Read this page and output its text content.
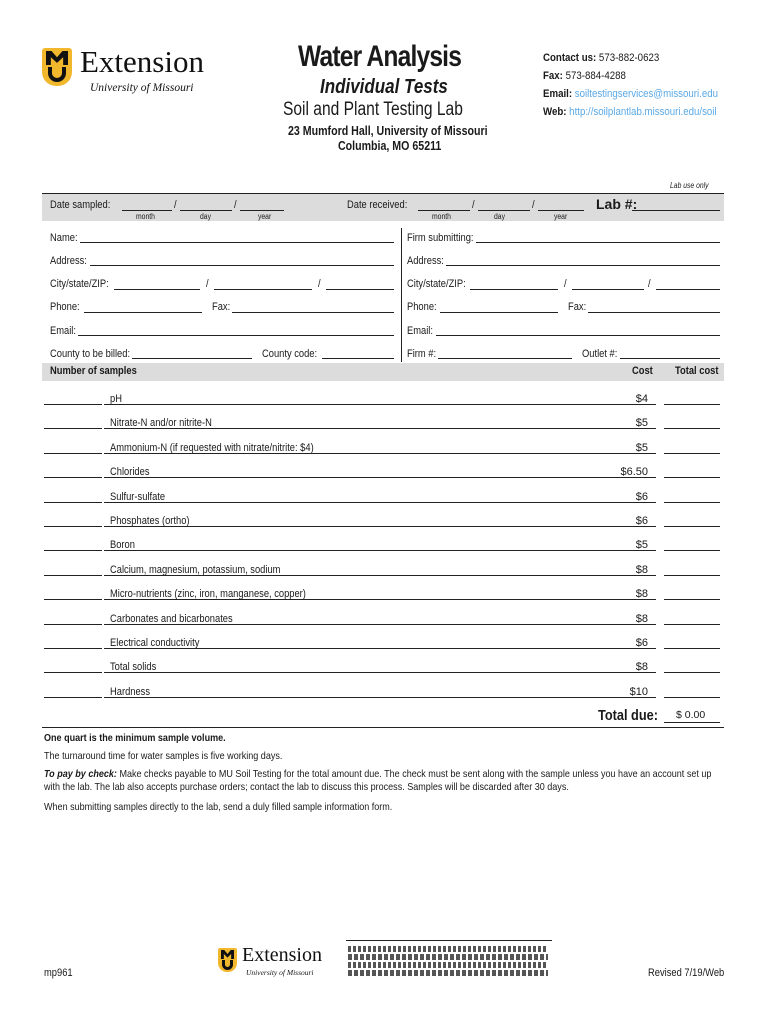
Extension
University of Missouri
Water Analysis
Individual Tests
Soil and Plant Testing Lab
23 Mumford Hall, University of Missouri
Columbia, MO 65211
Contact us: 573-882-0623
Fax: 573-884-4288
Email: soiltestingservices@missouri.edu
Web: http://soilplantlab.missouri.edu/soil
Lab use only
Date sampled:	/	/
month	day	year
Date received:	/	/
month	day	year
Lab #:
Name:
Address:
City/state/ZIP:	/	/
Phone:	Fax:
Email:
County to be billed:	County code:
Firm submitting:
Address:
City/state/ZIP:	/	/
Phone:	Fax:
Email:
Firm #:	Outlet #:
Number of samples	Cost Total cost
pH	$4
Nitrate-N and/or nitrite-N	$5
Ammonium-N (if requested with nitrate/nitrite: $4)	$5
Chlorides	$6.50
Sulfur-sulfate	$6
Phosphates (ortho)	$6
Boron	$5
Calcium, magnesium, potassium, sodium	$8
Micro-nutrients (zinc, iron, manganese, copper)	$8
Carbonates and bicarbonates	$8
Electrical conductivity	$6
Total solids	$8
Hardness	$10
Total due: $ 0.00
One quart is the minimum sample volume.
The turnaround time for water samples is five working days.
To pay by check: Make checks payable to MU Soil Testing for the total amount due. The check must be sent along with the sample unless you have an account set up with the lab. The lab also accepts purchase orders; contact the lab to discuss this process. Samples will be discarded after 30 days.
When submitting samples directly to the lab, send a duly filled sample information form.
mp961	Revised 7/19/Web
Extension
University of Missouri
